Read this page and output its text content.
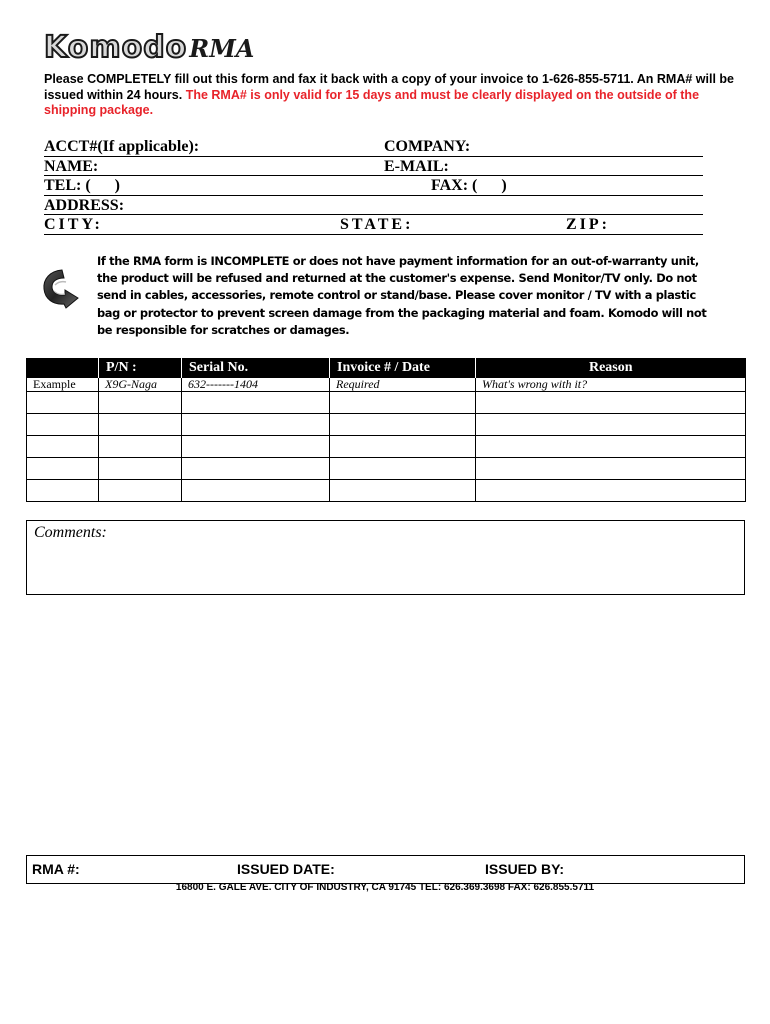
Komodo RMA
Please COMPLETELY fill out this form and fax it back with a copy of your invoice to 1-626-855-5711. An RMA# will be issued within 24 hours. The RMA# is only valid for 15 days and must be clearly displayed on the outside of the shipping package.
ACCT#(If applicable):	COMPANY:
NAME:	E-MAIL:
TEL: (      )	FAX: (      )
ADDRESS:
CITY:	STATE:	ZIP:
If the RMA form is INCOMPLETE or does not have payment information for an out-of-warranty unit, the product will be refused and returned at the customer's expense. Send Monitor/TV only. Do not send in cables, accessories, remote control or stand/base. Please cover monitor / TV with a plastic bag or protector to prevent screen damage from the packaging material and foam. Komodo will not be responsible for scratches or damages.
	P/N :	Serial No.	Invoice # / Date	Reason
Example	X9G-Naga	632-------1404	Required	What's wrong with it?

Comments:
RMA #:	ISSUED DATE:	ISSUED BY:
16800 E. GALE AVE. CITY OF INDUSTRY, CA 91745 TEL: 626.369.3698 FAX: 626.855.5711
